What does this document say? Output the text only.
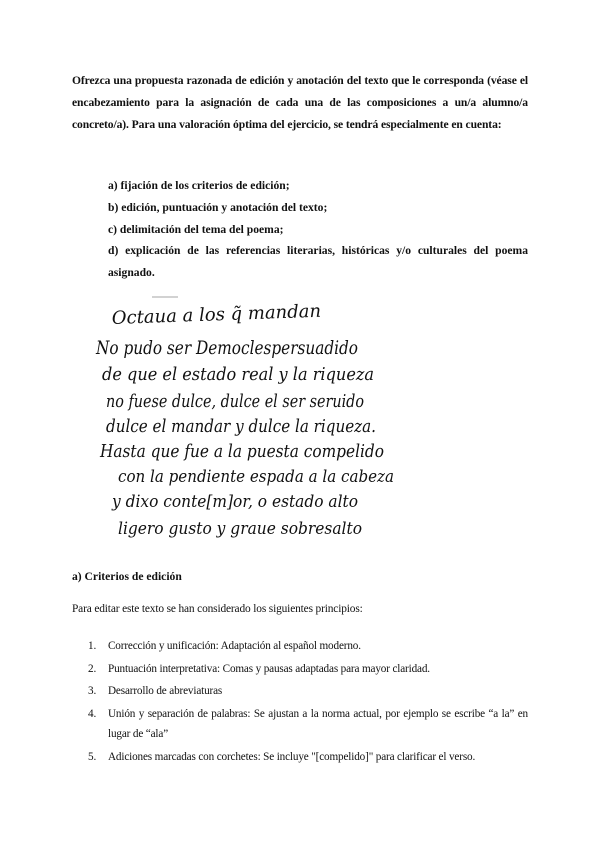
Ofrezca una propuesta razonada de edición y anotación del texto que le corresponda (véase el encabezamiento para la asignación de cada una de las composiciones a un/a alumno/a concreto/a). Para una valoración óptima del ejercicio, se tendrá especialmente en cuenta:

a) fijación de los criterios de edición;
b) edición, puntuación y anotación del texto;
c) delimitación del tema del poema;
d) explicación de las referencias literarias, históricas y/o culturales del poema asignado.
Octaua a los q̃ mandan
No pudo ser Democlespersuadido
de que el estado real y la riqueza
no fuese dulce, dulce el ser seruido
dulce el mandar y dulce la riqueza.
Hasta que fue a la puesta compelido
con la pendiente espada a la cabeza
y dixo conte[m]or, o estado alto
ligero gusto y graue sobresalto
a) Criterios de edición
Para editar este texto se han considerado los siguientes principios:
1. Corrección y unificación: Adaptación al español moderno.
2. Puntuación interpretativa: Comas y pausas adaptadas para mayor claridad.
3. Desarrollo de abreviaturas
4. Unión y separación de palabras: Se ajustan a la norma actual, por ejemplo se escribe “a la” en lugar de “ala”
5. Adiciones marcadas con corchetes: Se incluye "[compelido]" para clarificar el verso.
